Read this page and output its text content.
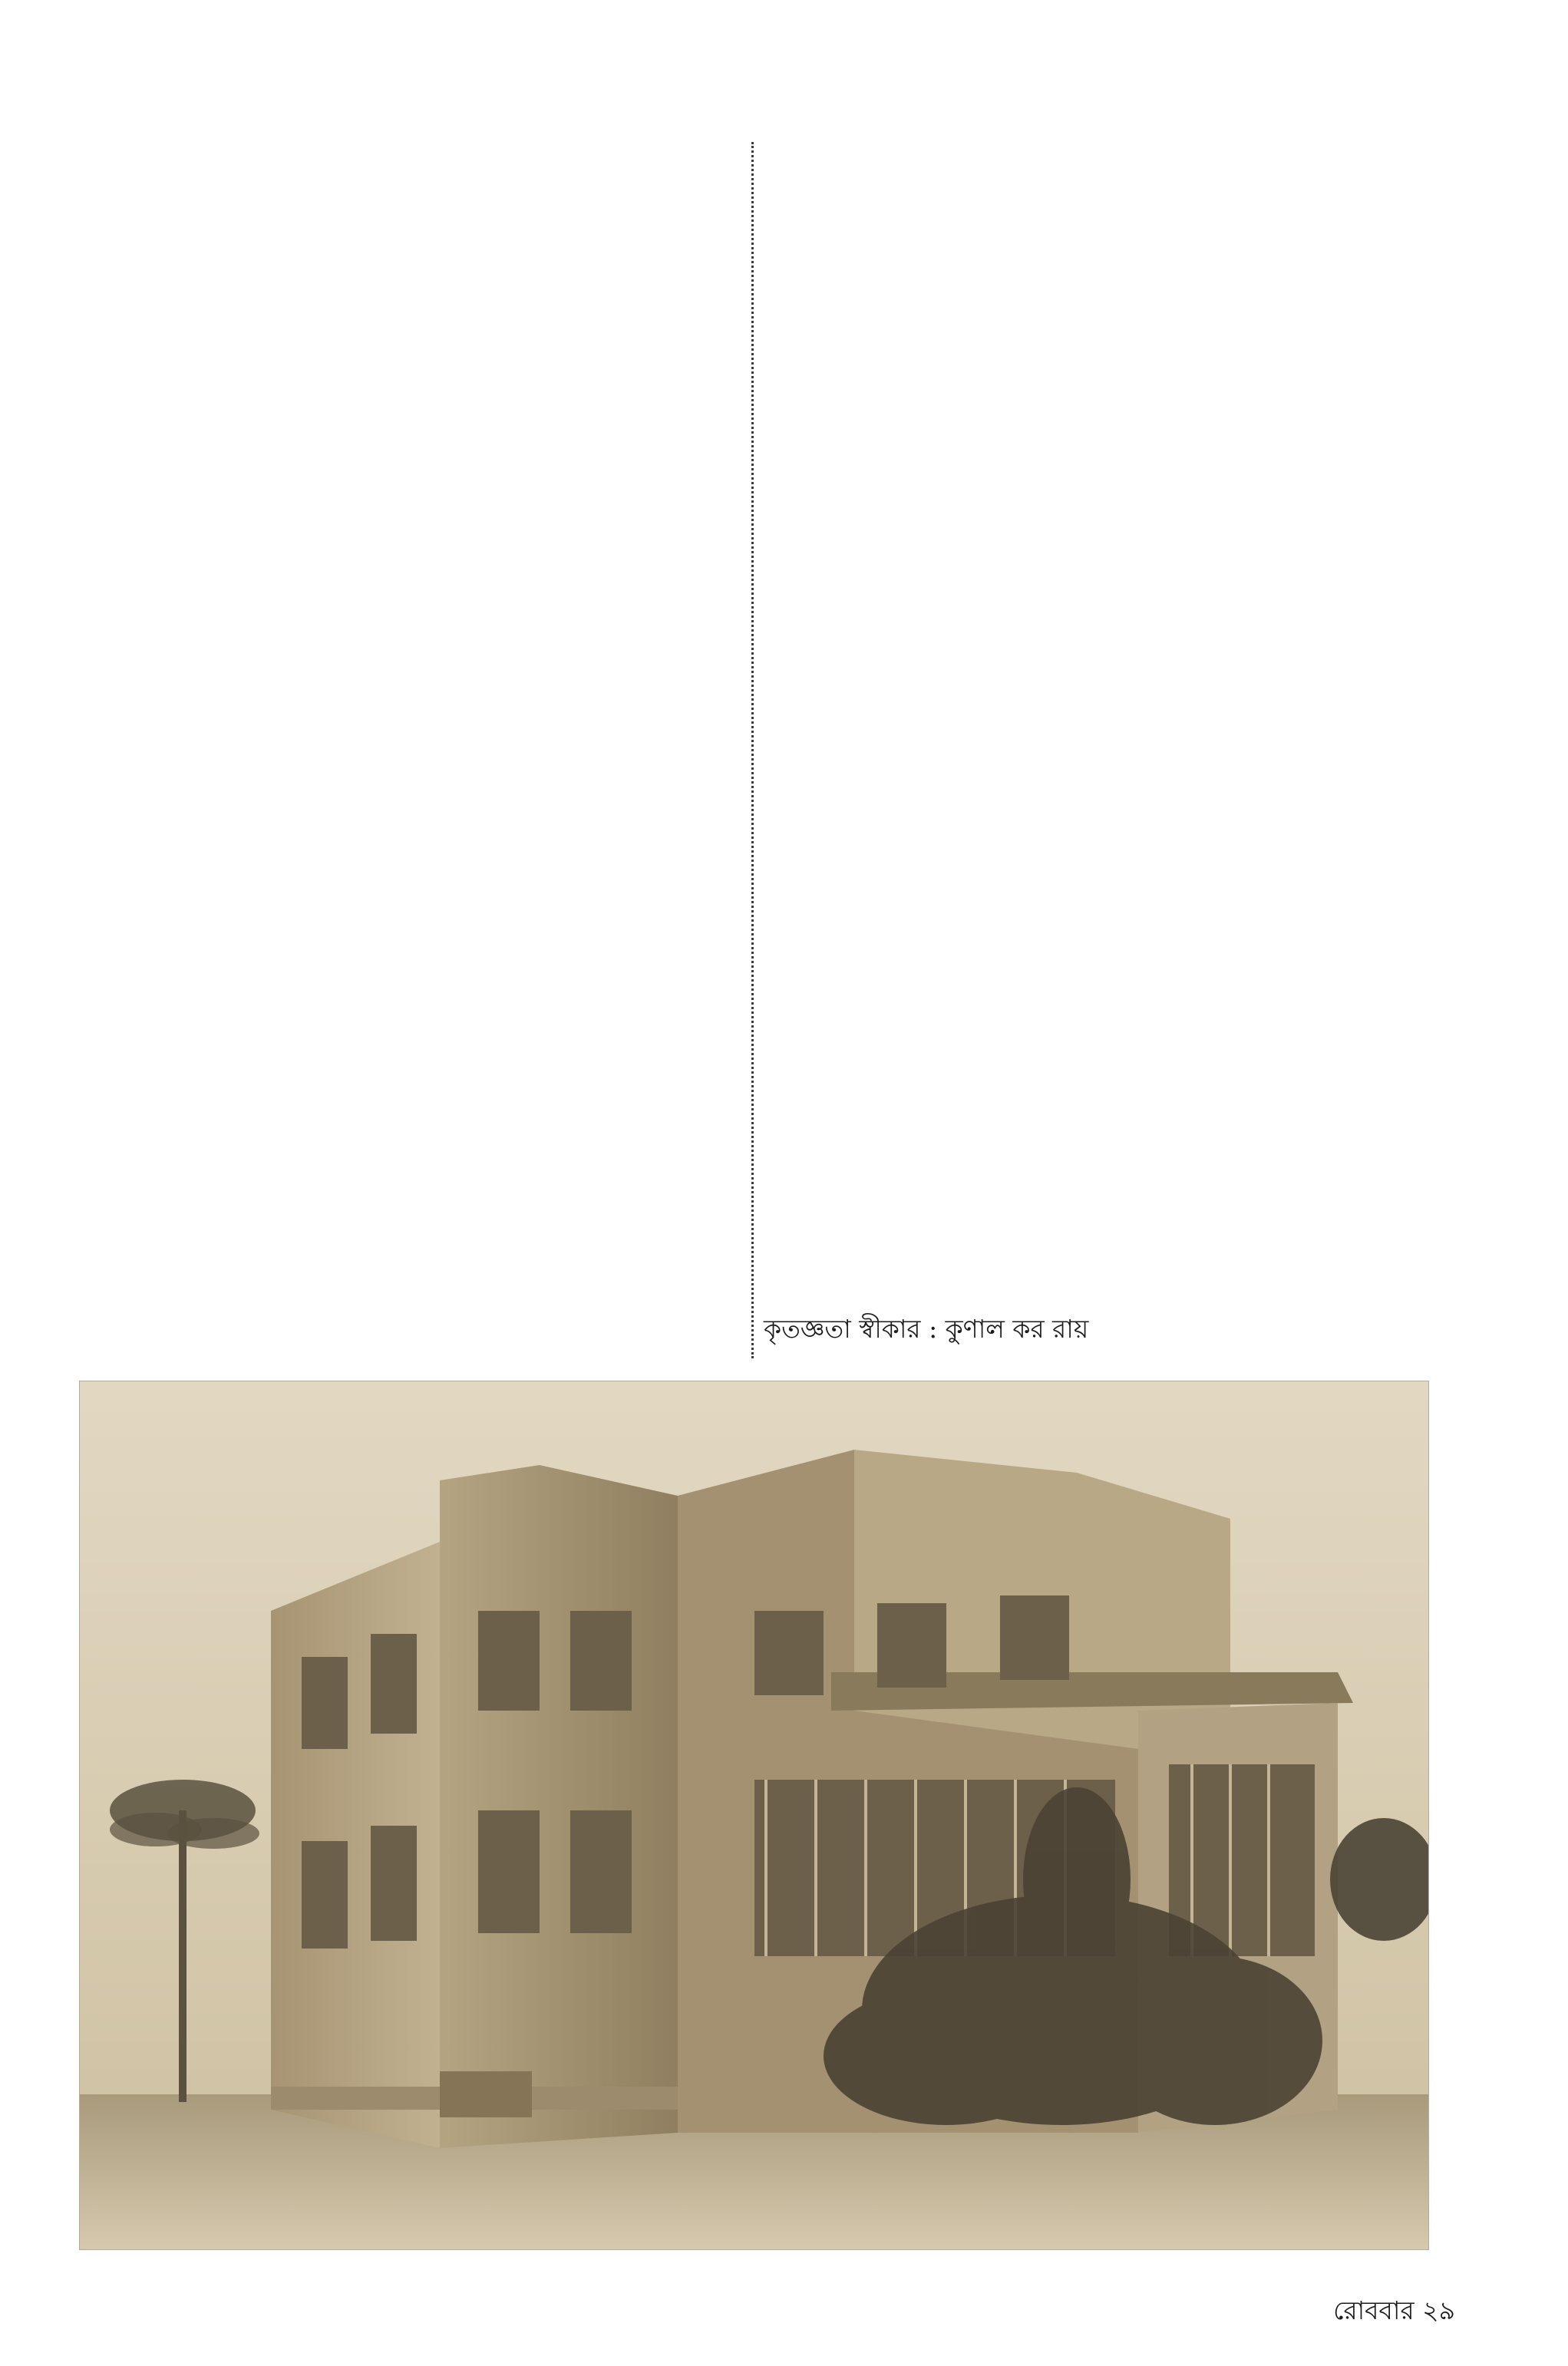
কৃতজ্ঞতা স্বীকার : কুণাল কর রায়
রোববার ২৯
